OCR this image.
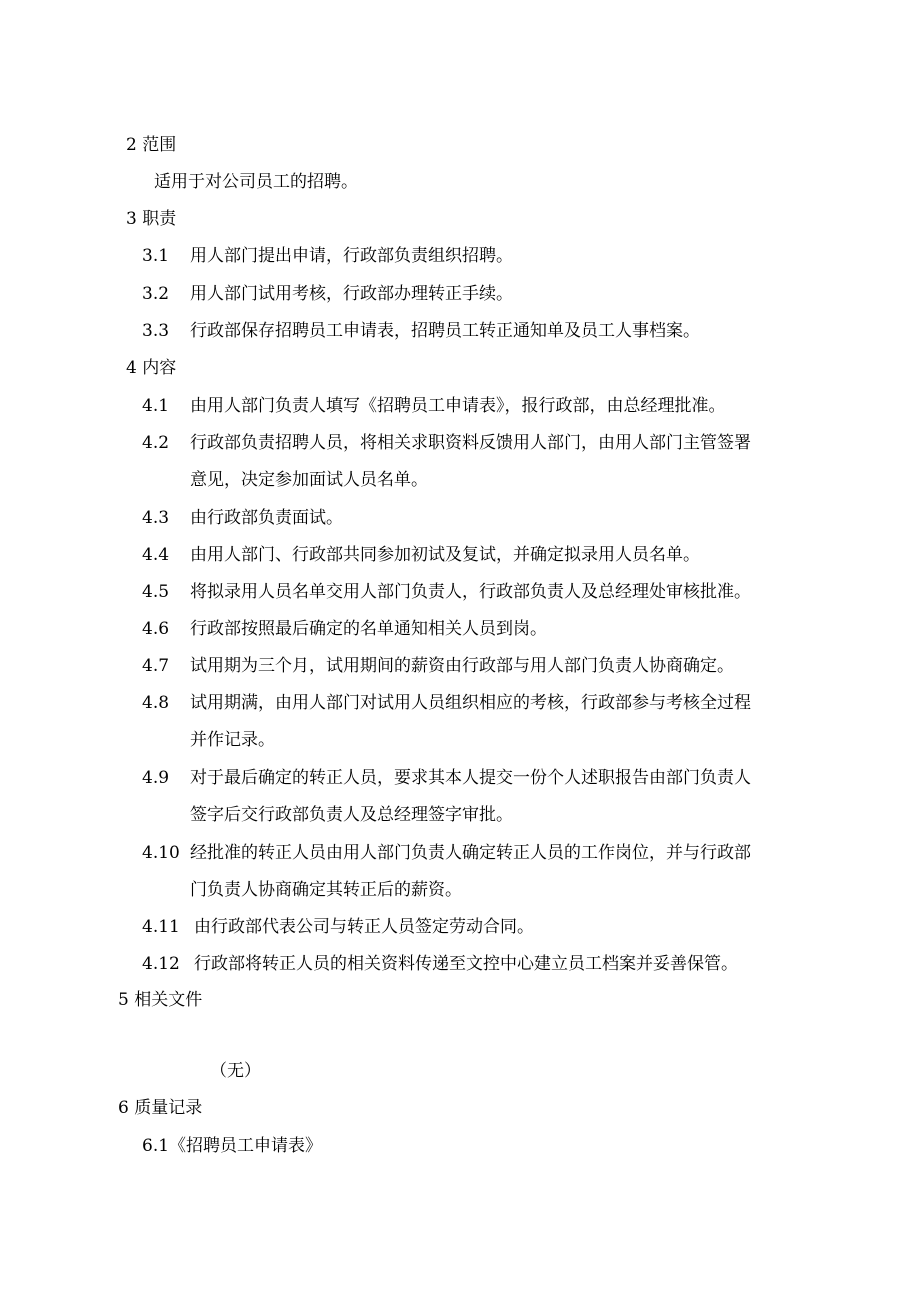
2 范围
适用于对公司员工的招聘。
3 职责
3.1 用人部门提出申请，行政部负责组织招聘。
3.2 用人部门试用考核，行政部办理转正手续。
3.3 行政部保存招聘员工申请表，招聘员工转正通知单及员工人事档案。
4 内容
4.1 由用人部门负责人填写《招聘员工申请表》，报行政部，由总经理批准。
4.2 行政部负责招聘人员，将相关求职资料反馈用人部门，由用人部门主管签署
意见，决定参加面试人员名单。
4.3 由行政部负责面试。
4.4 由用人部门、行政部共同参加初试及复试，并确定拟录用人员名单。
4.5 将拟录用人员名单交用人部门负责人，行政部负责人及总经理处审核批准。
4.6 行政部按照最后确定的名单通知相关人员到岗。
4.7 试用期为三个月，试用期间的薪资由行政部与用人部门负责人协商确定。
4.8 试用期满，由用人部门对试用人员组织相应的考核，行政部参与考核全过程
并作记录。
4.9 对于最后确定的转正人员，要求其本人提交一份个人述职报告由部门负责人
签字后交行政部负责人及总经理签字审批。
4.10 经批准的转正人员由用人部门负责人确定转正人员的工作岗位，并与行政部
门负责人协商确定其转正后的薪资。
4.11 由行政部代表公司与转正人员签定劳动合同。
4.12 行政部将转正人员的相关资料传递至文控中心建立员工档案并妥善保管。
5 相关文件
（无）
6 质量记录
6.1《招聘员工申请表》
